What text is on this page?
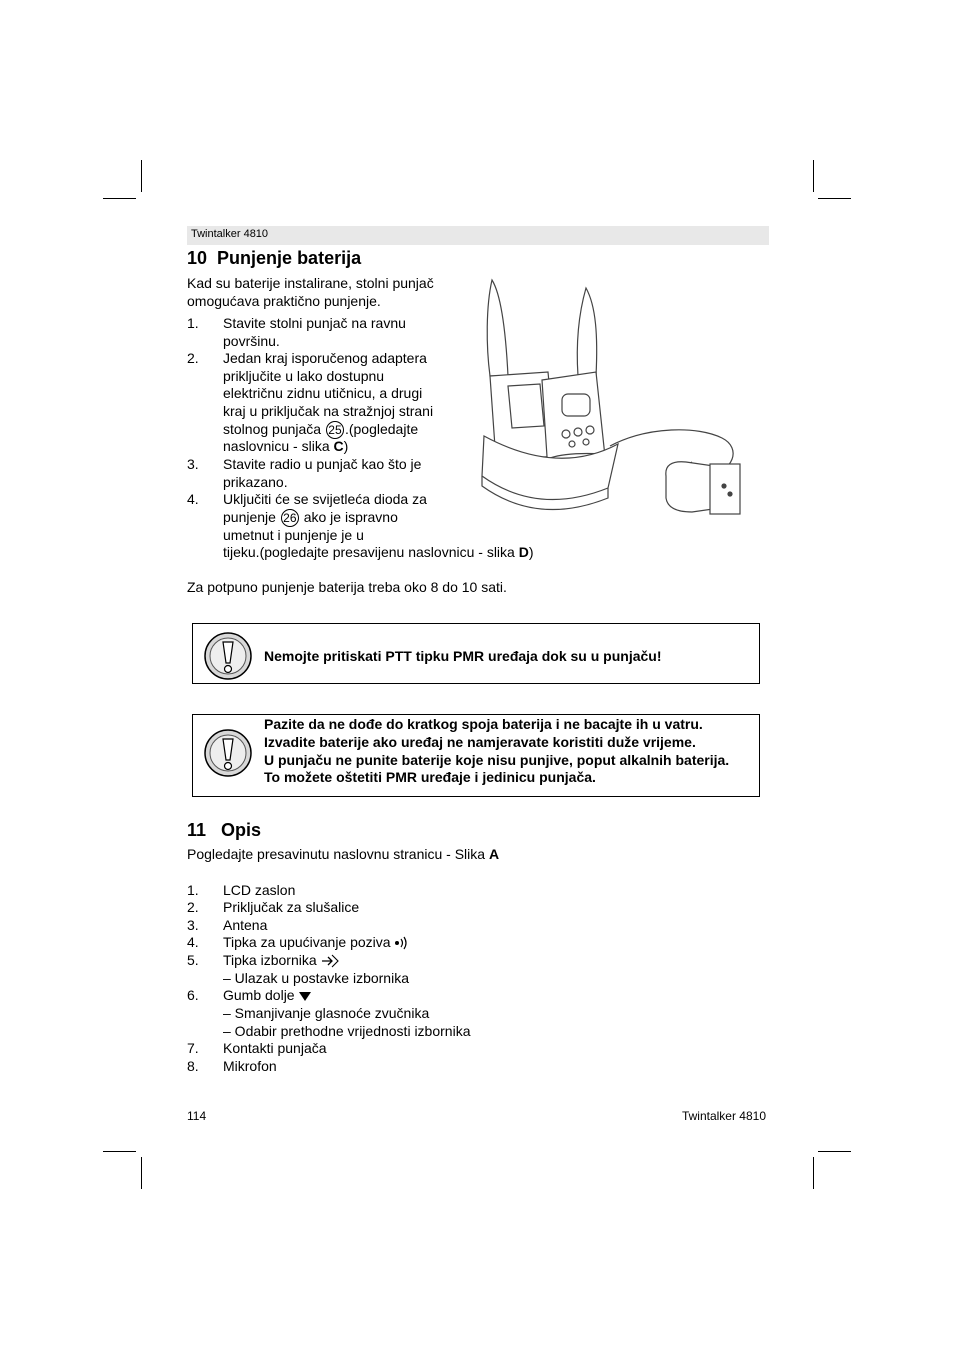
Twintalker 4810
10 Punjenje baterija
Kad su baterije instalirane, stolni punjač
omogućava praktično punjenje.
1. Stavite stolni punjač na ravnu
površinu.
2. Jedan kraj isporučenog adaptera
priključite u lako dostupnu
električnu zidnu utičnicu, a drugi
kraj u priključak na stražnjoj strani
stolnog punjača 25 .(pogledajte
naslovnicu - slika C)
3. Stavite radio u punjač kao što je
prikazano.
4. Uključiti će se svijetleća dioda za
punjenje 26 ako je ispravno
umetnut i punjenje je u
tijeku.(pogledajte presavijenu naslovnicu - slika D)
Za potpuno punjenje baterija treba oko 8 do 10 sati.
Nemojte pritiskati PTT tipku PMR uređaja dok su u punjaču!
Pazite da ne dođe do kratkog spoja baterija i ne bacajte ih u vatru.
Izvadite baterije ako uređaj ne namjeravate koristiti duže vrijeme.
U punjaču ne punite baterije koje nisu punjive, poput alkalnih baterija.
To možete oštetiti PMR uređaje i jedinicu punjača.
11 Opis
Pogledajte presavinutu naslovnu stranicu - Slika A
1. LCD zaslon
2. Priključak za slušalice
3. Antena
4. Tipka za upućivanje poziva
5. Tipka izbornika
– Ulazak u postavke izbornika
6. Gumb dolje
– Smanjivanje glasnoće zvučnika
– Odabir prethodne vrijednosti izbornika
7. Kontakti punjača
8. Mikrofon
114	Twintalker 4810
